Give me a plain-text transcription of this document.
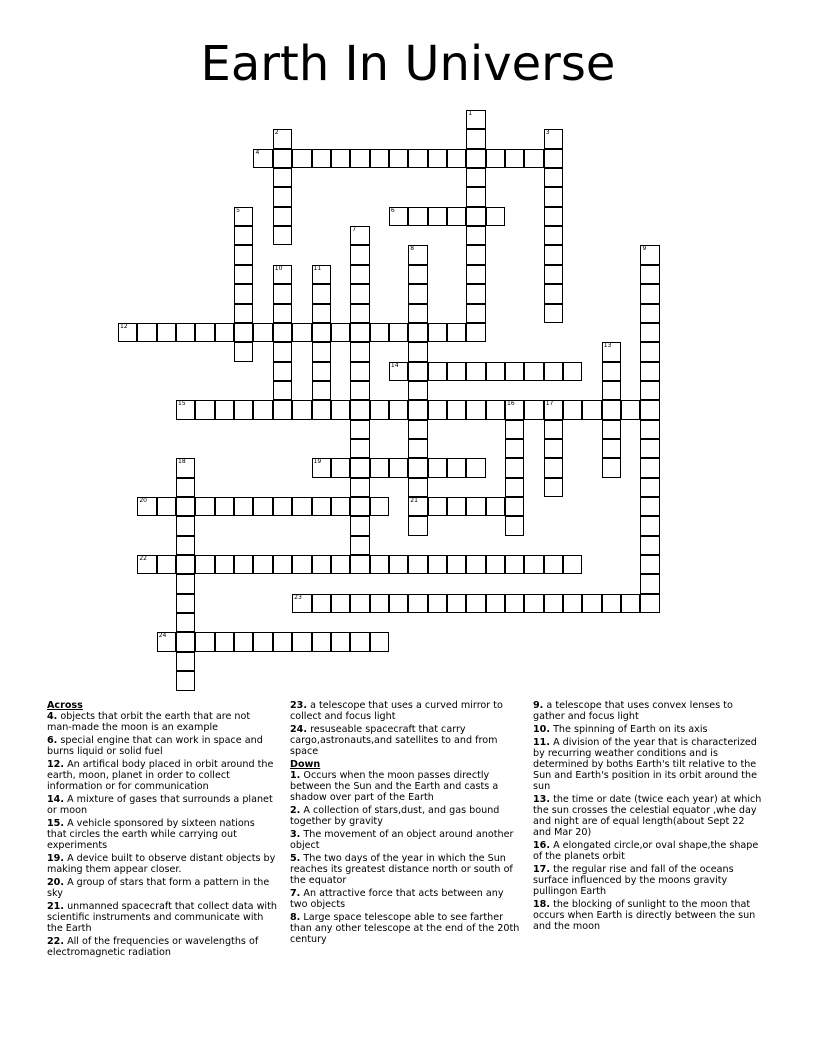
Earth In Universe
1
2	3
4
5	6
7
8
21
9
10	11
12
13
14
15	16	17
18	19
20
22
23
24
Across
4. objects that orbit the earth that are not man-made the moon is an example
6. special engine that can work in space and burns liquid or solid fuel
12. An artifical body placed in orbit around the earth, moon, planet in order to collect information or for communication
14. A mixture of gases that surrounds a planet or moon
15. A vehicle sponsored by sixteen nations that circles the earth while carrying out experiments
19. A device built to observe distant objects by making them appear closer.
20. A group of stars that form a pattern in the sky
21. unmanned spacecraft that collect data with scientific instruments and communicate with the Earth
22. All of the frequencies or wavelengths of electromagnetic radiation
23. a telescope that uses a curved mirror to collect and focus light
24. resuseable spacecraft that carry cargo,astronauts,and satellites to and from space
Down
1. Occurs when the moon passes directly between the Sun and the Earth and casts a shadow over part of the Earth
2. A collection of stars,dust, and gas bound together by gravity
3. The movement of an object around another object
5. The two days of the year in which the Sun reaches its greatest distance north or south of the equator
7. An attractive force that acts between any two objects
8. Large space telescope able to see farther than any other telescope at the end of the 20th century
9. a telescope that uses convex lenses to gather and focus light
10. The spinning of Earth on its axis
11. A division of the year that is characterized by recurring weather conditions and is determined by boths Earth's tilt relative to the Sun and Earth's position in its orbit around the sun
13. the time or date (twice each year) at which the sun crosses the celestial equator ,whe day and night are of equal length(about Sept 22 and Mar 20)
16. A elongated circle,or oval shape,the shape of the planets orbit
17. the regular rise and fall of the oceans surface influenced by the moons gravity pullingon Earth
18. the blocking of sunlight to the moon that occurs when Earth is directly between the sun and the moon
